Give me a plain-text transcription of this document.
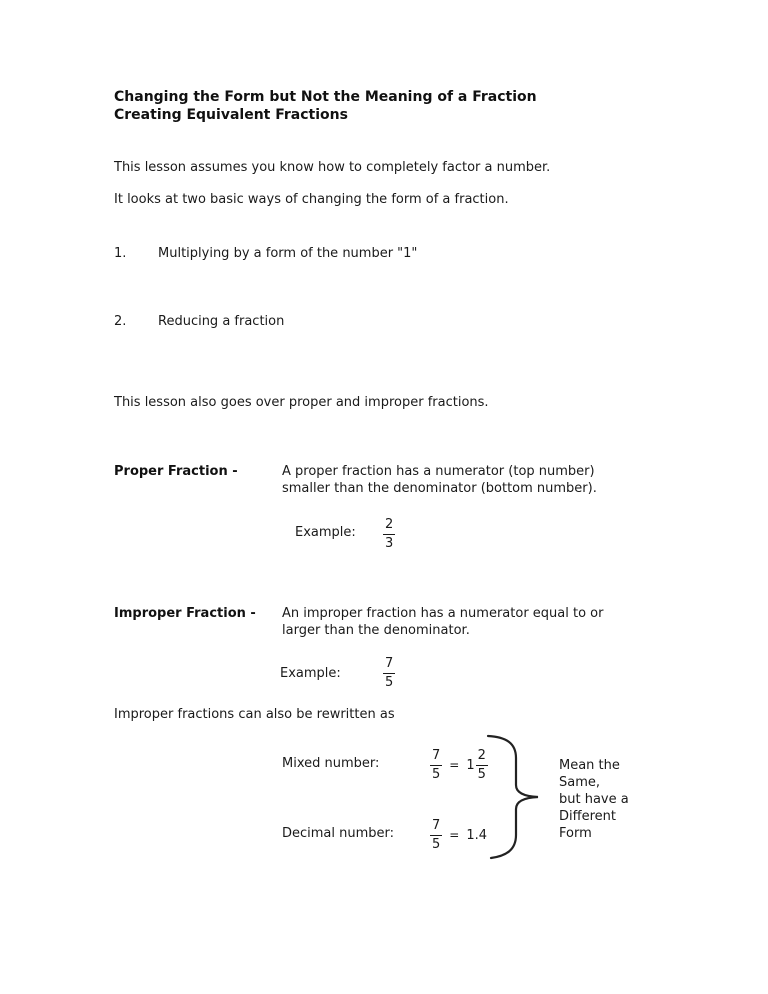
Changing the Form but Not the Meaning of a Fraction
Creating Equivalent Fractions
This lesson assumes you know how to completely factor a number.
It looks at two basic ways of changing the form of a fraction.
1. Multiplying by a form of the number "1"
2. Reducing a fraction
This lesson also goes over proper and improper fractions.
Proper Fraction -	A proper fraction has a numerator (top number)
smaller than the denominator (bottom number).
Example: $\frac{2}{3}$
Improper Fraction - An improper fraction has a numerator equal to or
larger than the denominator.
Example:	$\frac{7}{5}$
Improper fractions can also be rewritten as
Mixed number:	$\frac{7}{5} = 1 \frac{2}{5}$
Decimal number:	$\frac{7}{5} = 1.4$
Mean the
Same,
but have a
Different
Form
